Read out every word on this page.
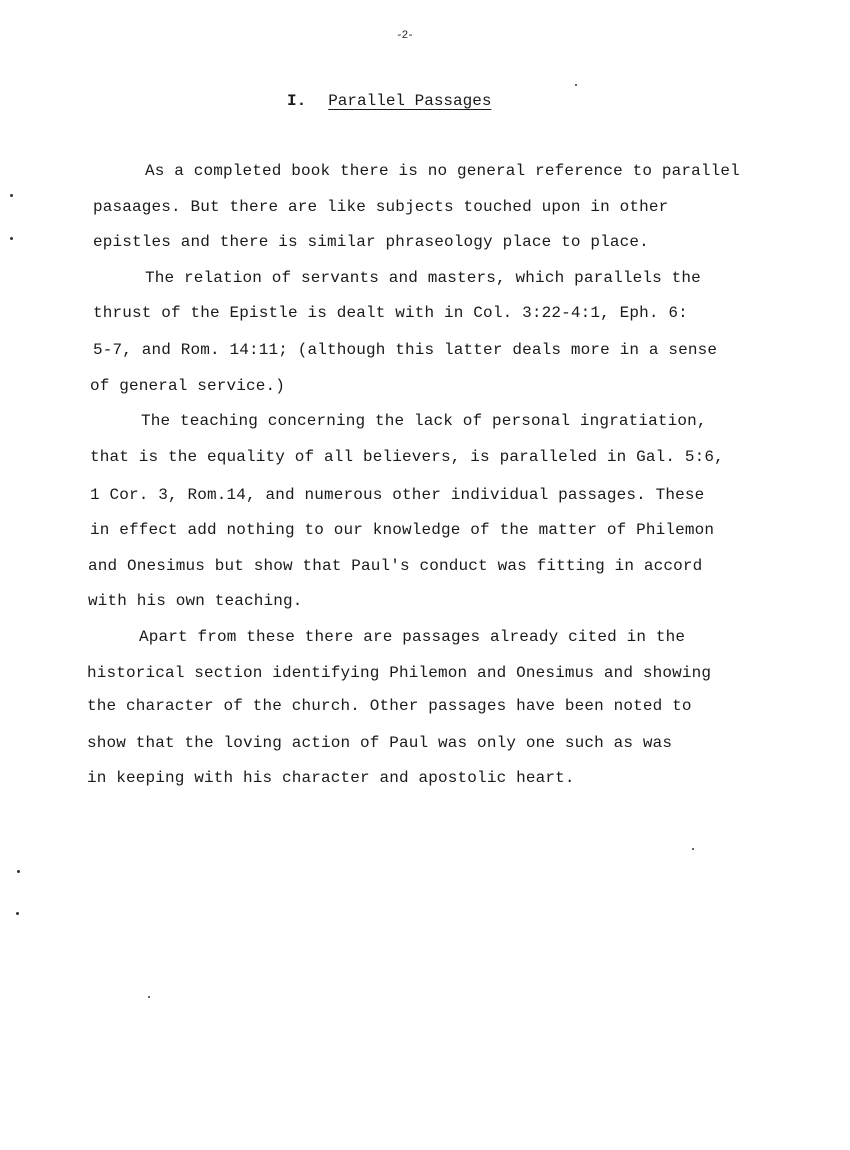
-2-
I. Parallel Passages
As a completed book there is no general reference to parallel
pasaages. But there are like subjects touched upon in other
epistles and there is similar phraseology place to place.
The relation of servants and masters, which parallels the
thrust of the Epistle is dealt with in Col. 3:22-4:1, Eph. 6:
5-7, and Rom. 14:11; (although this latter deals more in a sense
of general service.)
The teaching concerning the lack of personal ingratiation,
that is the equality of all believers, is paralleled in Gal. 5:6,
1 Cor. 3, Rom.14, and numerous other individual passages. These
in effect add nothing to our knowledge of the matter of Philemon
and Onesimus but show that Paul's conduct was fitting in accord
with his own teaching.
Apart from these there are passages already cited in the
historical section identifying Philemon and Onesimus and showing
the character of the church. Other passages have been noted to
show that the loving action of Paul was only one such as was
in keeping with his character and apostolic heart.
